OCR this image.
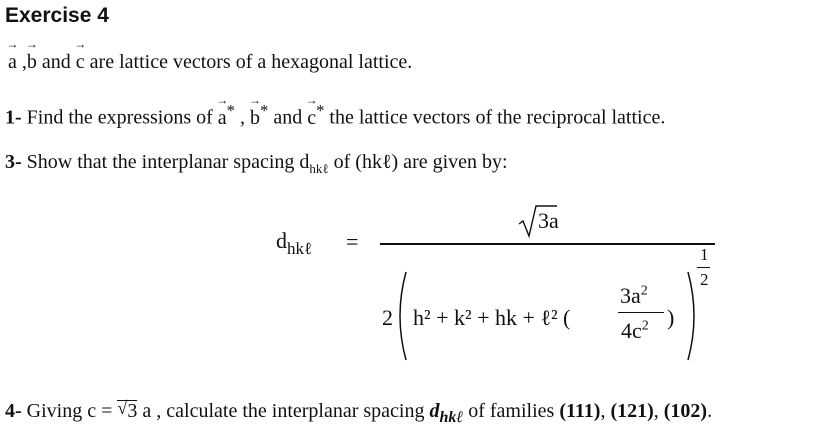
Exercise 4
→ a ,→ b and → c are lattice vectors of a hexagonal lattice.
1- Find the expressions of → a* , → b* and → c* the lattice vectors of the reciprocal lattice.
3- Show that the interplanar spacing $d_{hk\ell}$ of (hkℓ) are given by:
$d_{hk\ell}$ =
3a
2 h² + k² + hk + ℓ² (
$3a^2$
$4c^2$ )
1
2
4- Giving c = √ 3 a , calculate the interplanar spacing $d_{hk\ell}$ of families (111), (121), (102).
